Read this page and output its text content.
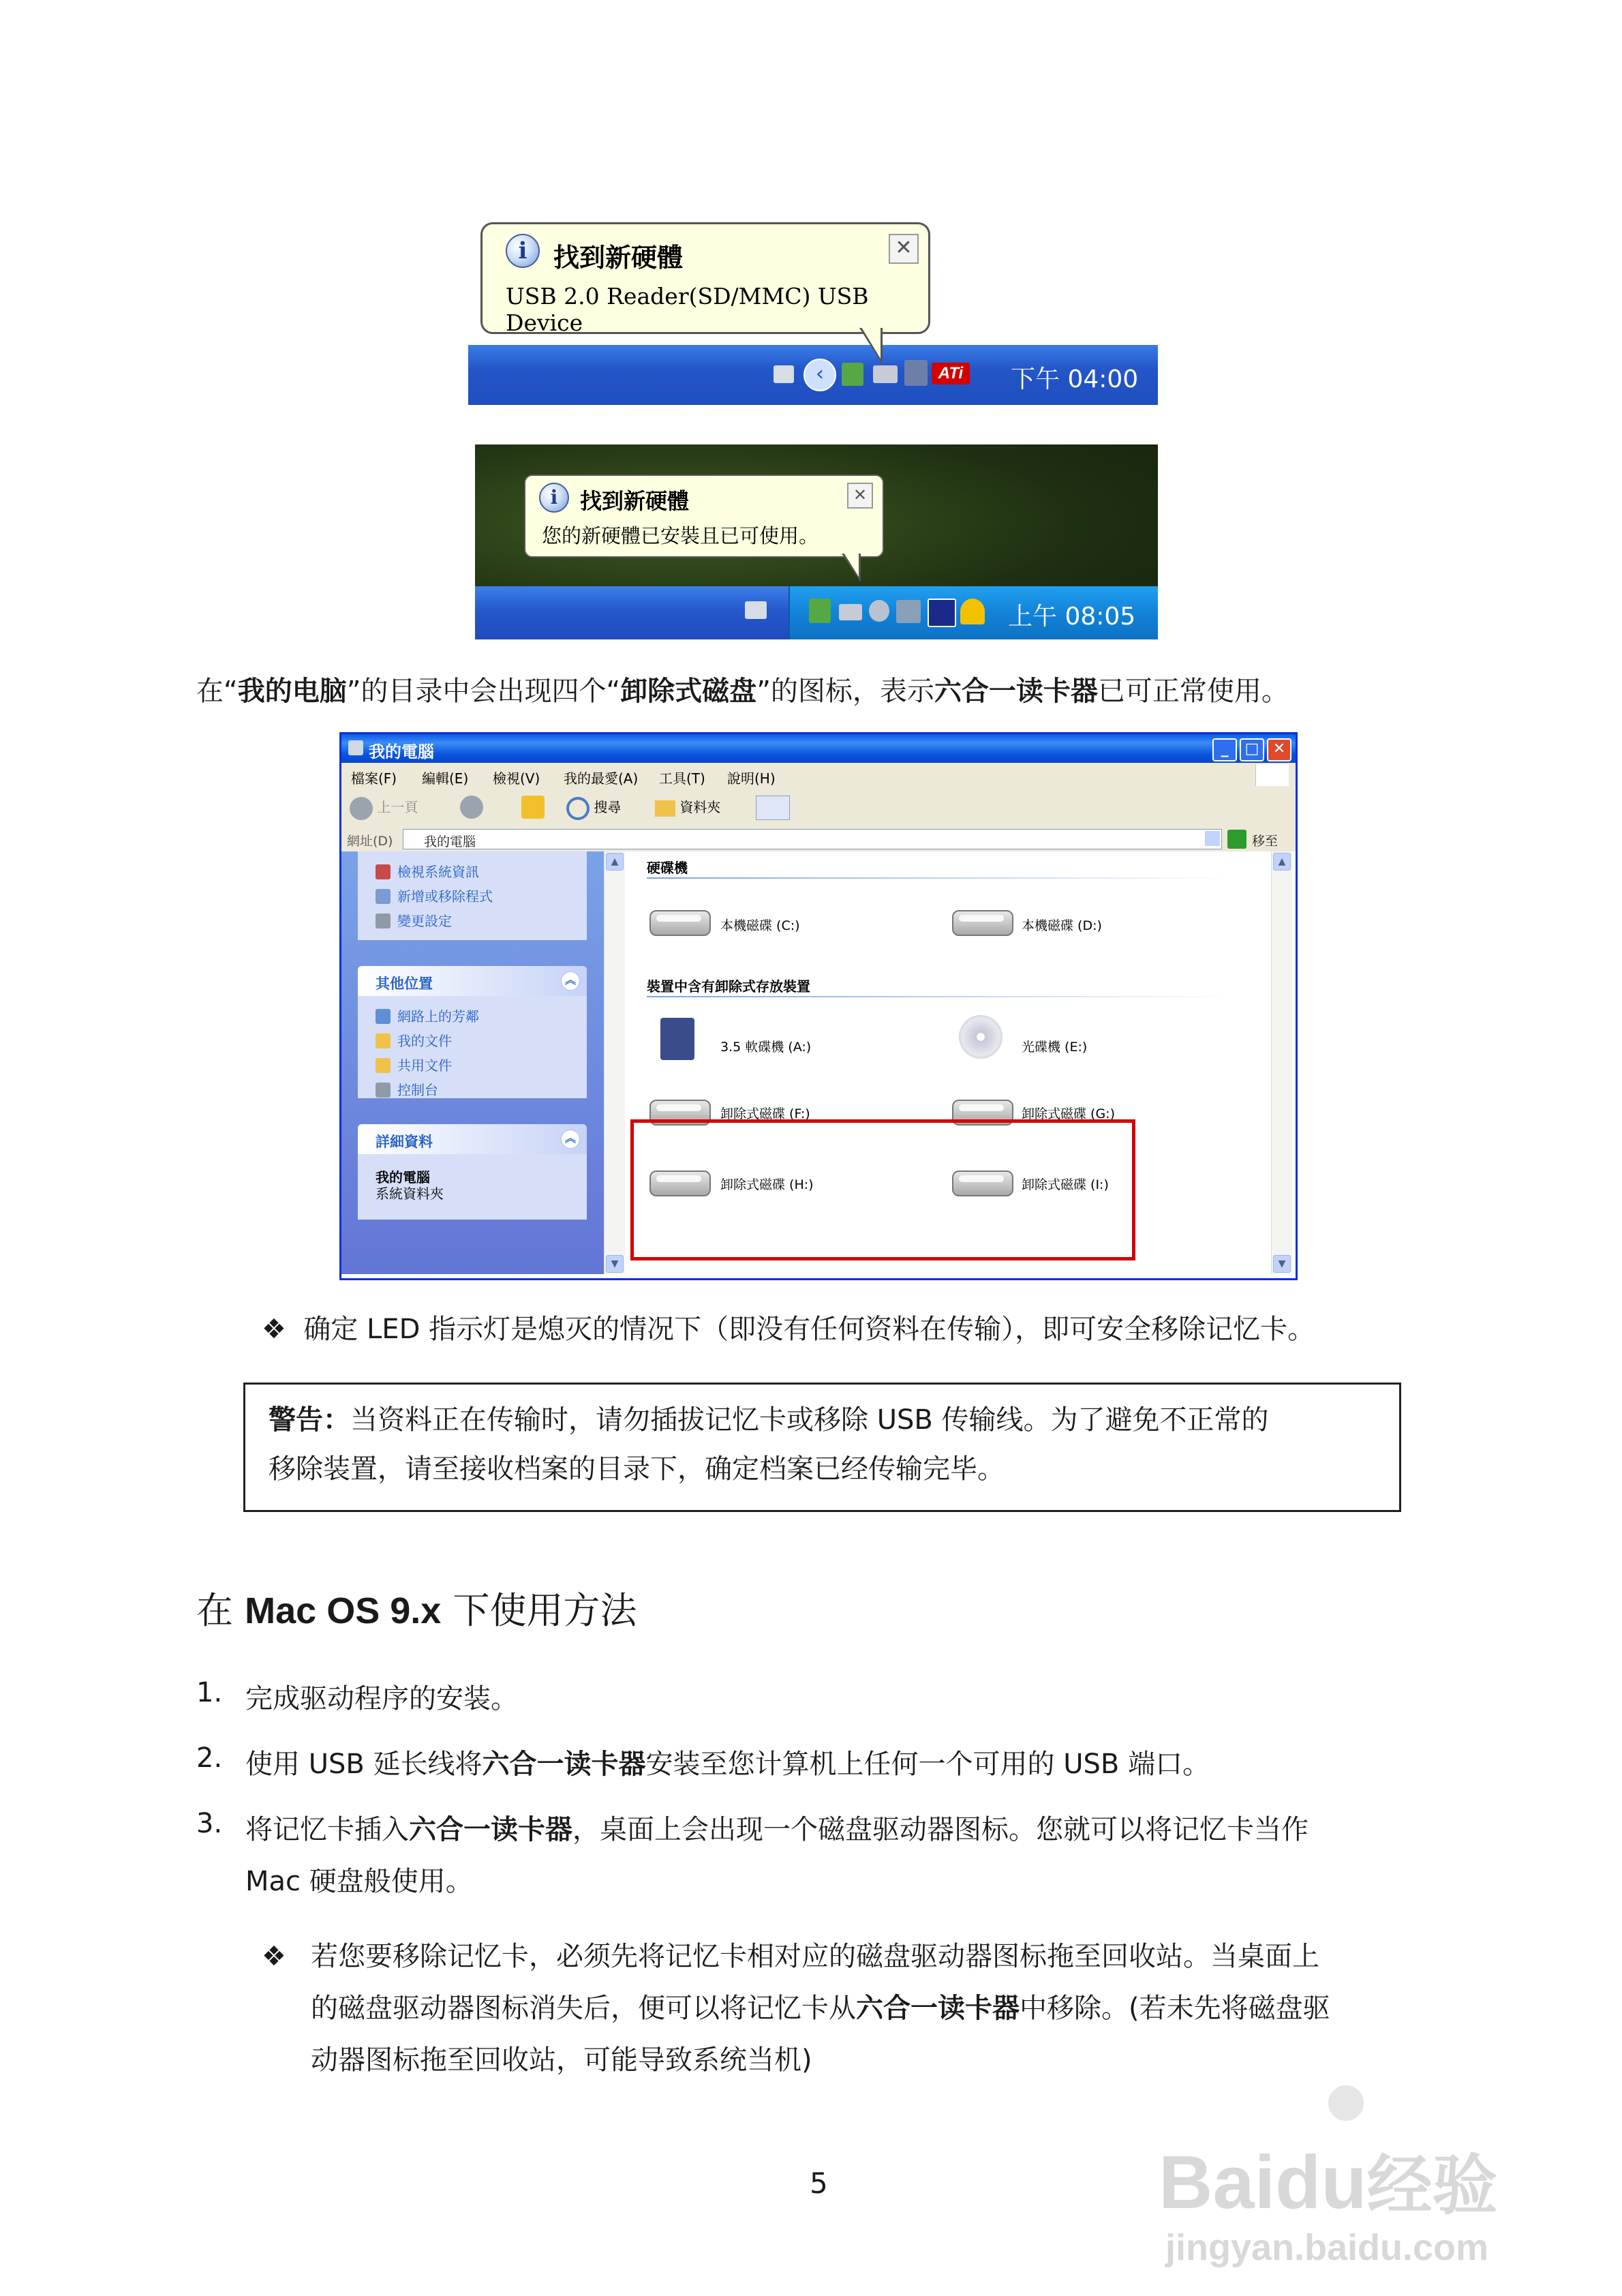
‹	ATi 下午 04:00
i	找到新硬體
USB 2.0 Reader(SD/MMC) USB Device
✕
上午 08:05
i	找到新硬體
您的新硬體已安裝且已可使用。
✕
在“我的电脑”的目录中会出现四个“卸除式磁盘”的图标，表示六合一读卡器已可正常使用。
我的電腦	_	□ ✕
檔案(F) 編輯(E) 檢視(V) 我的最愛(A) 工具(T) 說明(H)
上一頁	搜尋	資料夾
網址(D) 我的電腦	移至
檢視系統資訊
新增或移除程式
變更設定
其他位置	︽
網路上的芳鄰
我的文件
共用文件
控制台
詳細資料	︽
我的電腦
系統資料夾
▲
▼
硬碟機
本機磁碟 (C:)	本機磁碟 (D:)
裝置中含有卸除式存放裝置
3.5 軟碟機 (A:)	光碟機 (E:)
卸除式磁碟 (F:)	卸除式磁碟 (G:)
卸除式磁碟 (H:)	卸除式磁碟 (I:)
▲
▼
❖ 确定 LED 指示灯是熄灭的情况下（即没有任何资料在传输），即可安全移除记忆卡。

警告：当资料正在传输时，请勿插拔记忆卡或移除 USB 传输线。为了避免不正常的

移除装置，请至接收档案的目录下，确定档案已经传输完毕。

在 Mac OS 9.x 下使用方法
1. 完成驱动程序的安装。
2. 使用 USB 延长线将六合一读卡器安装至您计算机上任何一个可用的 USB 端口。
3. 将记忆卡插入六合一读卡器，桌面上会出现一个磁盘驱动器图标。您就可以将记忆卡当作
Mac 硬盘般使用。
❖ 若您要移除记忆卡，必须先将记忆卡相对应的磁盘驱动器图标拖至回收站。当桌面上
的磁盘驱动器图标消失后，便可以将记忆卡从六合一读卡器中移除。(若未先将磁盘驱
动器图标拖至回收站，可能导致系统当机)
5	Baidu经验
jingyan.baidu.com
